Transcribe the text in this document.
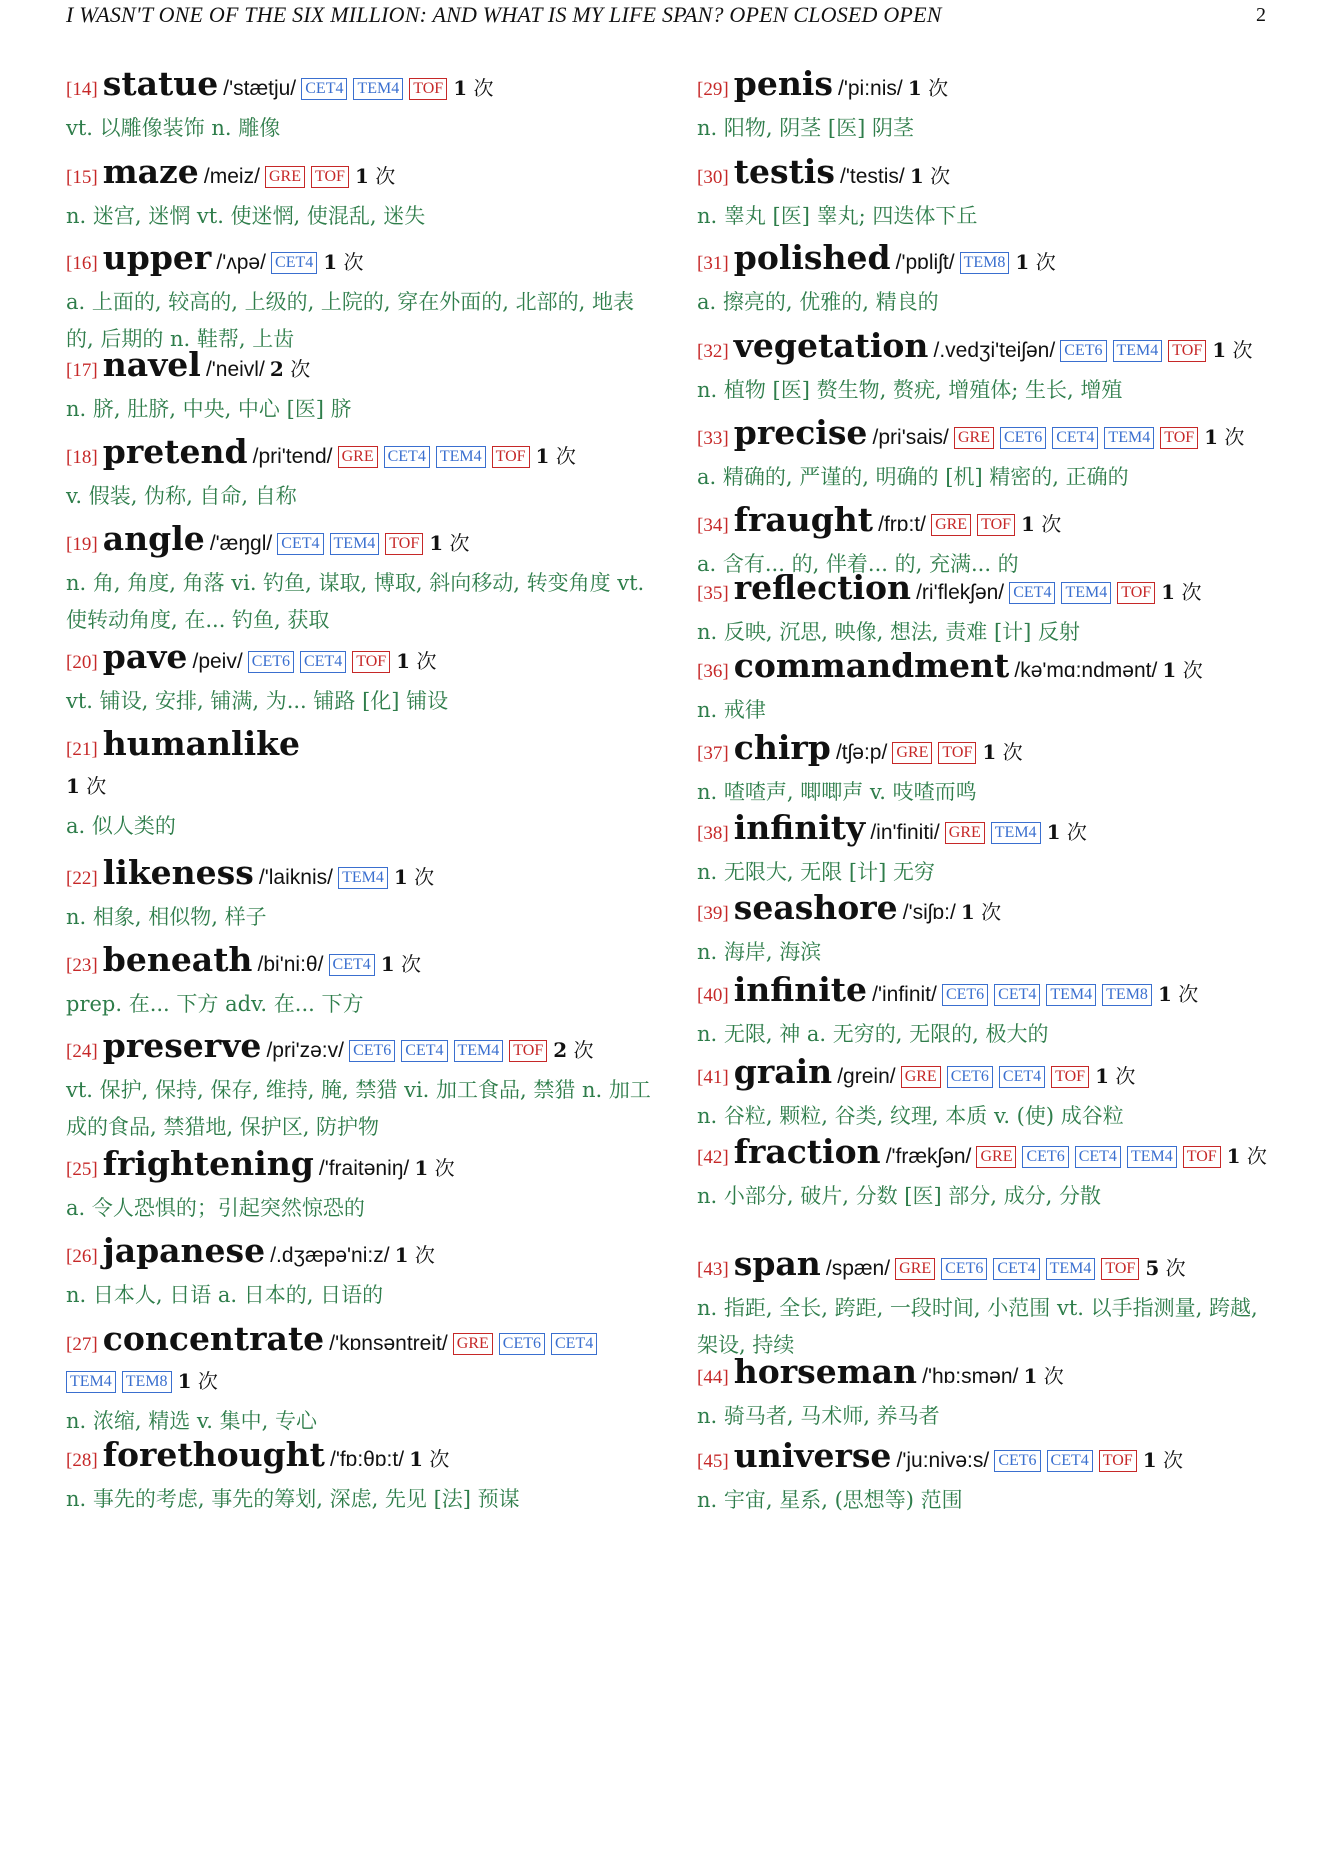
I WASN'T ONE OF THE SIX MILLION: AND WHAT IS MY LIFE SPAN? OPEN CLOSED OPEN	2
[14] statue /'stætju/ CET4 TEM4 TOF 1 次
vt. 以雕像装饰 n. 雕像
[15] maze /meiz/ GRE TOF 1 次
n. 迷宫, 迷惘 vt. 使迷惘, 使混乱, 迷失
[16] upper /'ʌpə/ CET4 1 次
a. 上面的, 较高的, 上级的, 上院的, 穿在外面的, 北部的, 地表的, 后期的 n. 鞋帮, 上齿
[17] navel /'neivl/ 2 次
n. 脐, 肚脐, 中央, 中心 [医] 脐
[18] pretend /pri'tend/ GRE CET4 TEM4 TOF 1 次
v. 假装, 伪称, 自命, 自称
[19] angle /'æŋgl/ CET4 TEM4 TOF 1 次
n. 角, 角度, 角落 vi. 钓鱼, 谋取, 博取, 斜向移动, 转变角度 vt. 使转动角度, 在... 钓鱼, 获取
[20] pave /peiv/ CET6 CET4 TOF 1 次
vt. 铺设, 安排, 铺满, 为... 铺路 [化] 铺设
[21] humanlike
1 次
a. 似人类的
[22] likeness /'laiknis/ TEM4 1 次
n. 相象, 相似物, 样子
[23] beneath /bi'ni:θ/ CET4 1 次
prep. 在... 下方 adv. 在... 下方
[24] preserve /pri'zə:v/ CET6 CET4 TEM4 TOF 2 次
vt. 保护, 保持, 保存, 维持, 腌, 禁猎 vi. 加工食品, 禁猎 n. 加工成的食品, 禁猎地, 保护区, 防护物
[25] frightening /'fraitəniŋ/ 1 次
a. 令人恐惧的；引起突然惊恐的
[26] japanese /.dʒæpə'ni:z/ 1 次
n. 日本人, 日语 a. 日本的, 日语的
[27] concentrate /'kɒnsəntreit/ GRE CET6 CET4TEM4 TEM8 1 次
n. 浓缩, 精选 v. 集中, 专心
[28] forethought /'fɒ:θɒ:t/ 1 次
n. 事先的考虑, 事先的筹划, 深虑, 先见 [法] 预谋
[29] penis /'pi:nis/ 1 次
n. 阳物, 阴茎 [医] 阴茎
[30] testis /'testis/ 1 次
n. 睾丸 [医] 睾丸; 四迭体下丘
[31] polished /'pɒliʃt/ TEM8 1 次
a. 擦亮的, 优雅的, 精良的
[32] vegetation /.vedʒi'teiʃən/ CET6 TEM4 TOF 1 次
n. 植物 [医] 赘生物, 赘疣, 增殖体; 生长, 增殖
[33] precise /pri'sais/ GRE CET6 CET4 TEM4 TOF 1 次
a. 精确的, 严谨的, 明确的 [机] 精密的, 正确的
[34] fraught /frɒ:t/ GRE TOF 1 次
a. 含有... 的, 伴着... 的, 充满... 的
[35] reflection /ri'flekʃən/ CET4 TEM4 TOF 1 次
n. 反映, 沉思, 映像, 想法, 责难 [计] 反射
[36] commandment /kə'mɑ:ndmənt/ 1 次
n. 戒律
[37] chirp /tʃə:p/ GRE TOF 1 次
n. 喳喳声, 唧唧声 v. 吱喳而鸣
[38] infinity /in'finiti/ GRE TEM4 1 次
n. 无限大, 无限 [计] 无穷
[39] seashore /'siʃɒ:/ 1 次
n. 海岸, 海滨
[40] infinite /'infinit/ CET6 CET4 TEM4 TEM8 1 次
n. 无限, 神 a. 无穷的, 无限的, 极大的
[41] grain /grein/ GRE CET6 CET4 TOF 1 次
n. 谷粒, 颗粒, 谷类, 纹理, 本质 v. (使) 成谷粒
[42] fraction /'frækʃən/ GRE CET6 CET4 TEM4 TOF 1 次
n. 小部分, 破片, 分数 [医] 部分, 成分, 分散
[43] span /spæn/ GRE CET6 CET4 TEM4 TOF 5 次
n. 指距, 全长, 跨距, 一段时间, 小范围 vt. 以手指测量, 跨越, 架设, 持续
[44] horseman /'hɒ:smən/ 1 次
n. 骑马者, 马术师, 养马者
[45] universe /'ju:nivə:s/ CET6 CET4 TOF 1 次
n. 宇宙, 星系, (思想等) 范围
